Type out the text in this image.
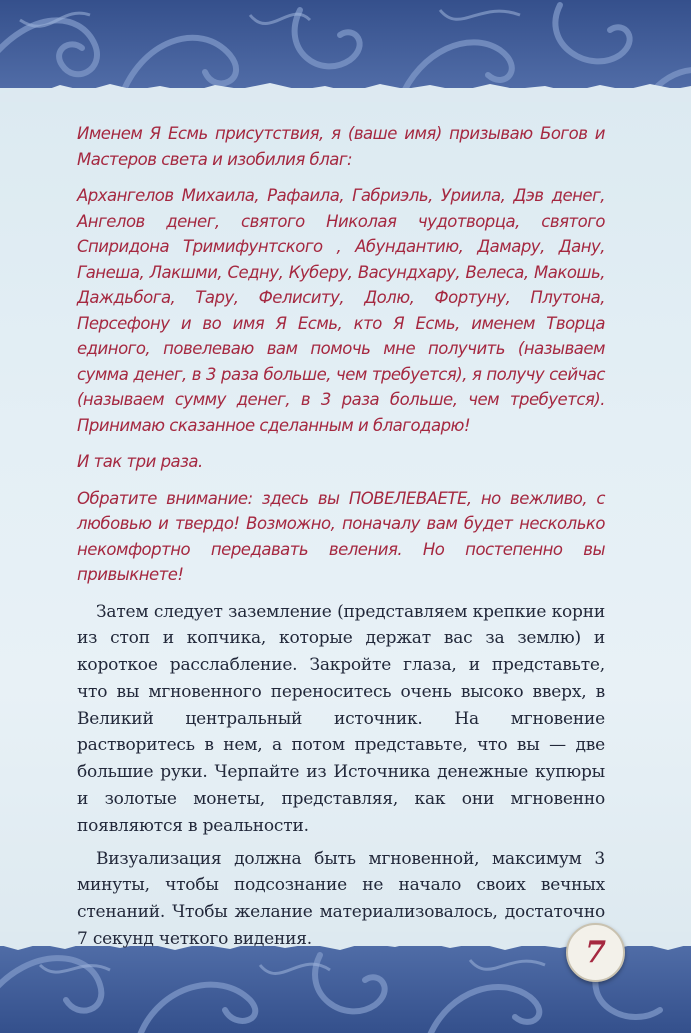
Именем Я Есмь присутствия, я (ваше имя) призываю Богов и Мастеров света и изобилия благ:

Архангелов Михаила, Рафаила, Габриэль, Уриила, Дэв денег, Ангелов денег, святого Николая чудотворца, святого Спиридона Тримифунтского , Абундантию, Дамару, Дану, Ганеша, Лакшми, Седну, Куберу, Васундхару, Велеса, Макошь, Даждьбога, Тару, Фелиситу, Долю, Фортуну, Плутона, Персефону и во имя Я Есмь, кто Я Есмь, именем Творца единого, повелеваю вам помочь мне получить (называем сумма денег, в 3 раза больше, чем требуется), я получу сейчас (называем сумму денег, в 3 раза больше, чем требуется). Принимаю сказанное сделанным и благодарю!

И так три раза.

Обратите внимание: здесь вы ПОВЕЛЕВАЕТЕ, но вежливо, с любовью и твердо! Возможно, поначалу вам будет несколько некомфортно передавать веления. Но постепенно вы привыкнете!

Затем следует заземление (представляем крепкие корни из стоп и копчика, которые держат вас за землю) и короткое расслабление. Закройте глаза, и представьте, что вы мгновенного переноситесь очень высоко вверх, в Великий центральный источник. На мгновение растворитесь в нем, а потом представьте, что вы — две большие руки. Черпайте из Источника денежные купюры и золотые монеты, представляя, как они мгновенно появляются в реальности.

Визуализация должна быть мгновенной, максимум 3 минуты, чтобы подсознание не начало своих вечных стенаний. Чтобы желание материализовалось, достаточно 7 секунд четкого видения.	7
